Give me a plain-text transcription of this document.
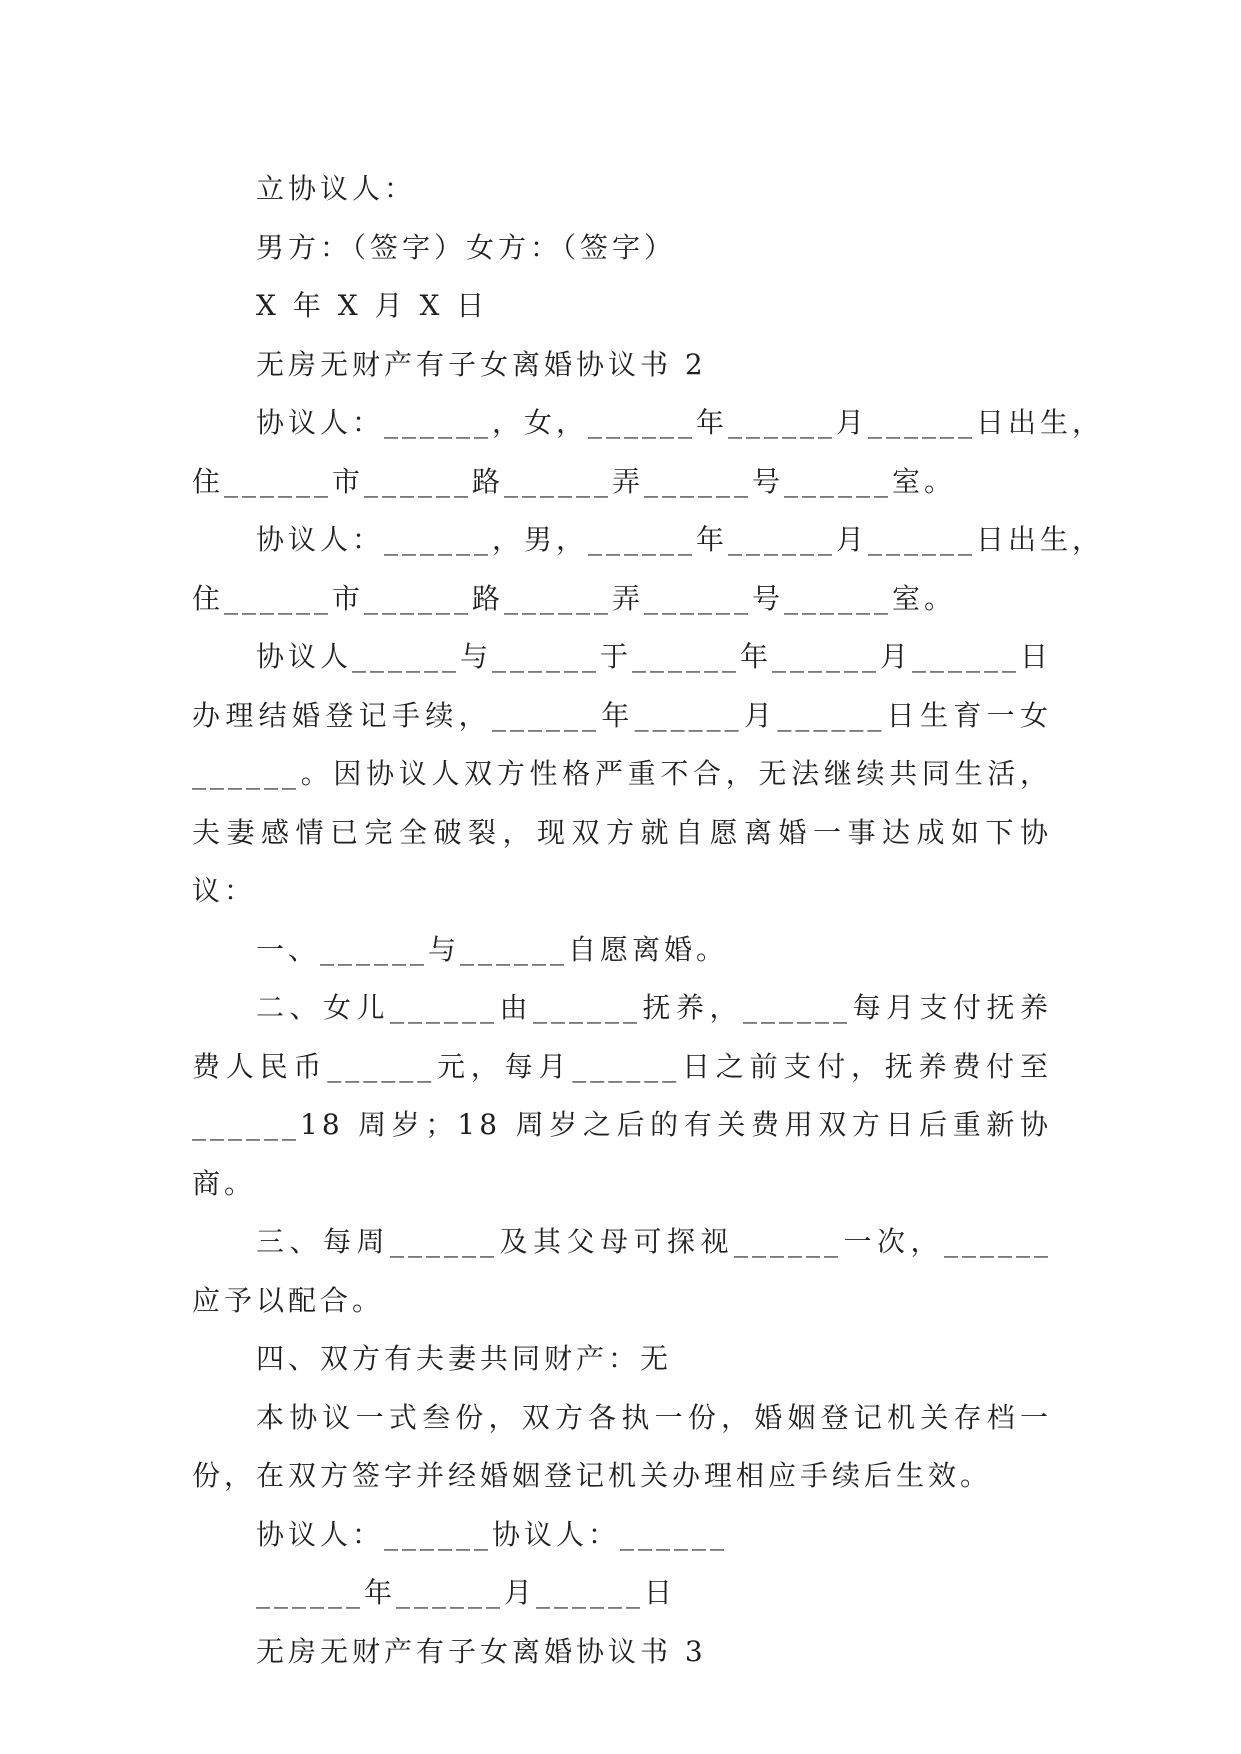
立协议人：

男方：（签字）女方：（签字）

X 年 X 月 X 日

无房无财产有子女离婚协议书 2

协议人：______，女，______年______月______日出生，

住______市______路______弄______号______室。

协议人：______，男，______年______月______日出生，

住______市______路______弄______号______室。

协议人______与______于______年______月______日办理结婚登记手续，______年______月______日生育一女______。因协议人双方性格严重不合，无法继续共同生活，夫妻感情已完全破裂，现双方就自愿离婚一事达成如下协议：

一、______与______自愿离婚。

二、女儿______由______抚养，______每月支付抚养费人民币______元，每月______日之前支付，抚养费付至______18 周岁；18 周岁之后的有关费用双方日后重新协商。

三、每周______及其父母可探视______一次，______应予以配合。

四、双方有夫妻共同财产：无

本协议一式叁份，双方各执一份，婚姻登记机关存档一份，在双方签字并经婚姻登记机关办理相应手续后生效。

协议人：______协议人：______

______年______月______日

无房无财产有子女离婚协议书 3
